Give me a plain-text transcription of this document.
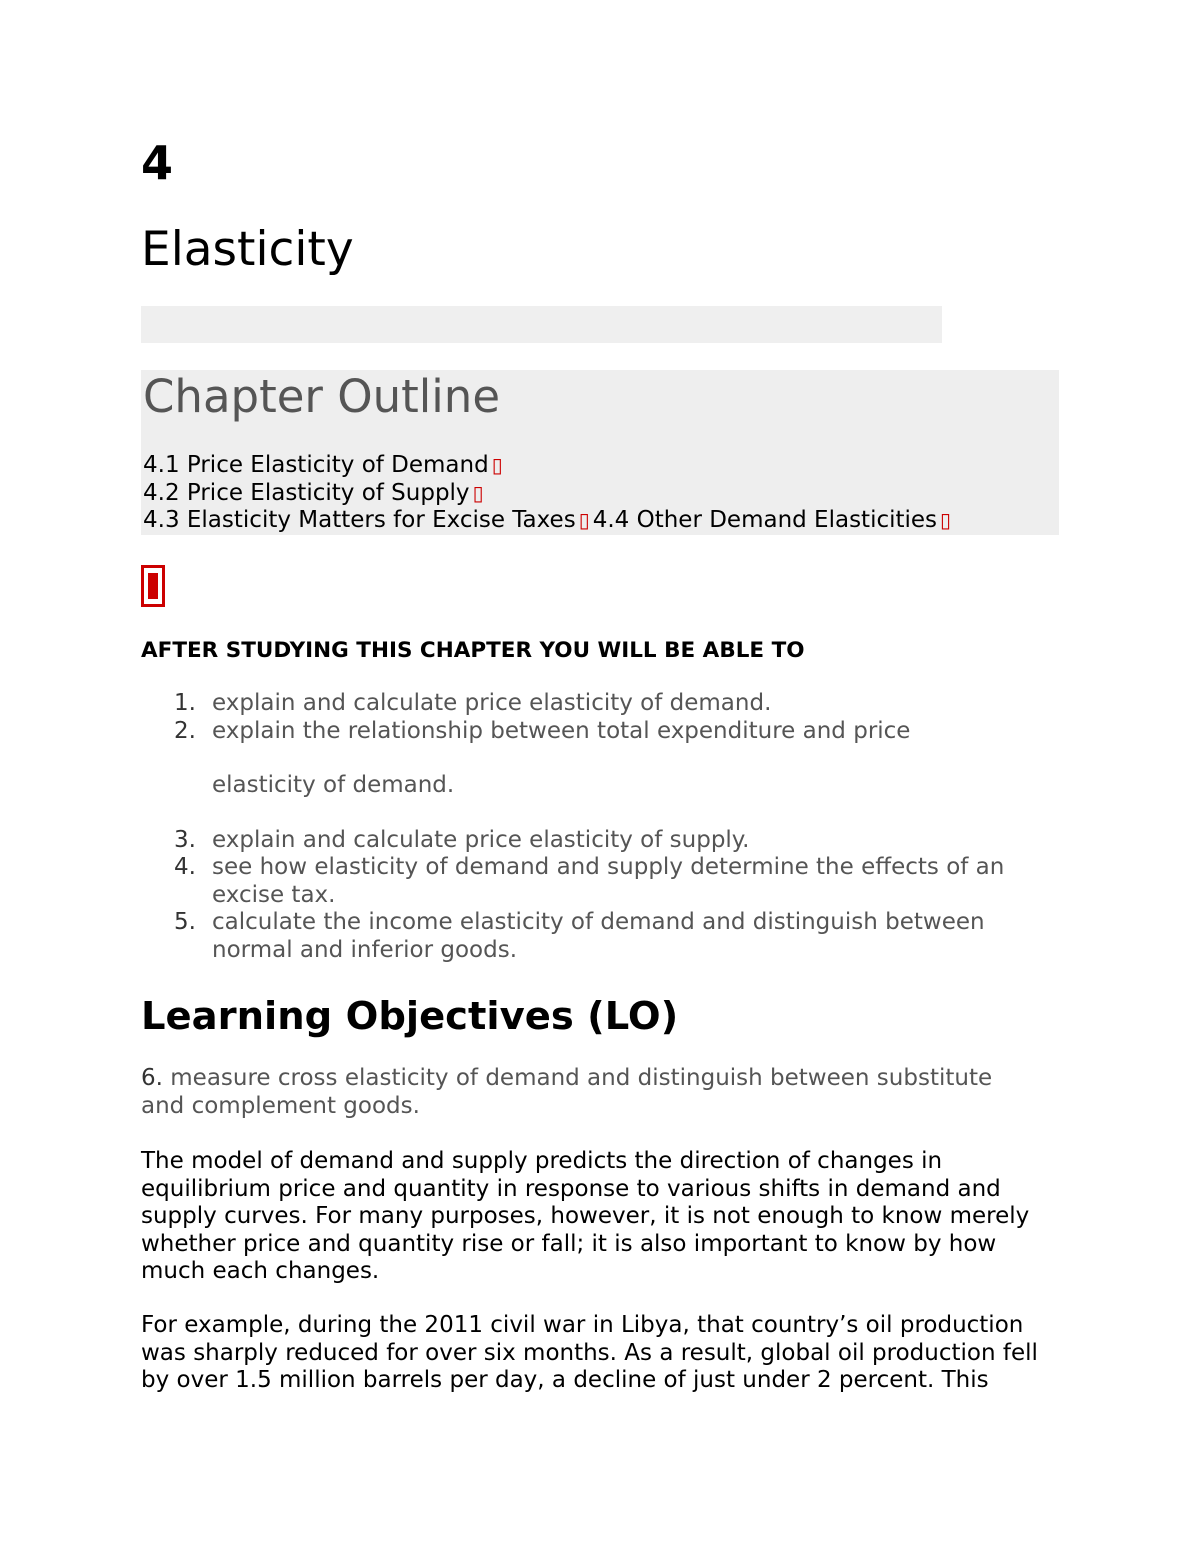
4
Elasticity
Chapter Outline
4.1 Price Elasticity of Demand ▯
4.2 Price Elasticity of Supply ▯
4.3 Elasticity Matters for Excise Taxes ▯ 4.4 Other Demand Elasticities ▯
AFTER STUDYING THIS CHAPTER YOU WILL BE ABLE TO
1. explain and calculate price elasticity of demand.
2. explain the relationship between total expenditure and price
elasticity of demand.
3. explain and calculate price elasticity of supply.
4. see how elasticity of demand and supply determine the effects of an excise tax.
5. calculate the income elasticity of demand and distinguish between normal and inferior goods.
Learning Objectives (LO)
6. measure cross elasticity of demand and distinguish between substitute and complement goods.

The model of demand and supply predicts the direction of changes in equilibrium price and quantity in response to various shifts in demand and supply curves. For many purposes, however, it is not enough to know merely whether price and quantity rise or fall; it is also important to know by how much each changes.

For example, during the 2011 civil war in Libya, that country’s oil production was sharply reduced for over six months. As a result, global oil production fell by over 1.5 million barrels per day, a decline of just under 2 percent. This
